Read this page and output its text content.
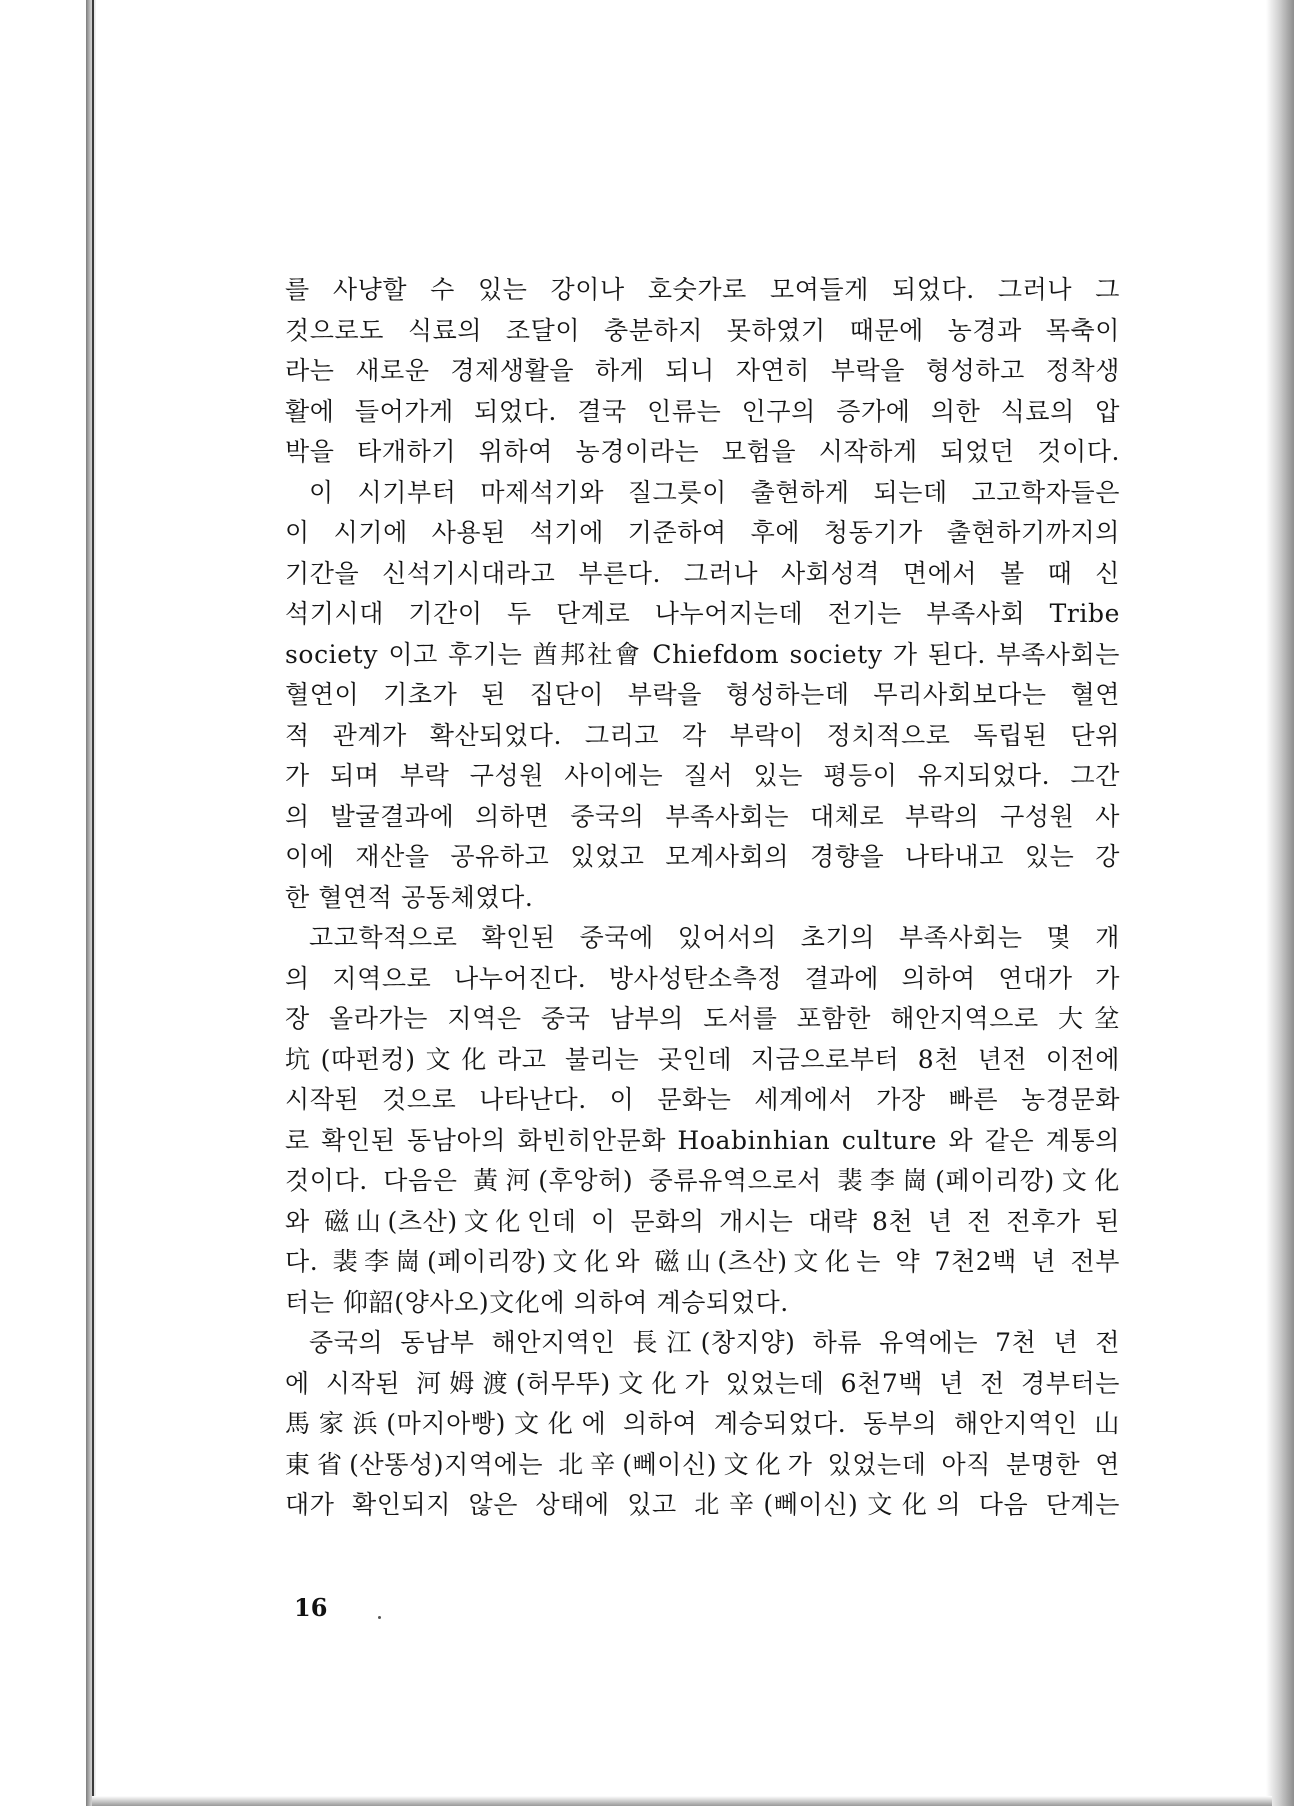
를 사냥할 수 있는 강이나 호숫가로 모여들게 되었다. 그러나 그
것으로도 식료의 조달이 충분하지 못하였기 때문에 농경과 목축이
라는 새로운 경제생활을 하게 되니 자연히 부락을 형성하고 정착생
활에 들어가게 되었다. 결국 인류는 인구의 증가에 의한 식료의 압
박을 타개하기 위하여 농경이라는 모험을 시작하게 되었던 것이다.
이 시기부터 마제석기와 질그릇이 출현하게 되는데 고고학자들은
이 시기에 사용된 석기에 기준하여 후에 청동기가 출현하기까지의
기간을 신석기시대라고 부른다. 그러나 사회성격 면에서 볼 때 신
석기시대 기간이 두 단계로 나누어지는데 전기는 부족사회 Tribe
society 이고 후기는 酋邦社會 Chiefdom society 가 된다. 부족사회는
혈연이 기초가 된 집단이 부락을 형성하는데 무리사회보다는 혈연
적 관계가 확산되었다. 그리고 각 부락이 정치적으로 독립된 단위
가 되며 부락 구성원 사이에는 질서 있는 평등이 유지되었다. 그간
의 발굴결과에 의하면 중국의 부족사회는 대체로 부락의 구성원 사
이에 재산을 공유하고 있었고 모계사회의 경향을 나타내고 있는 강
한 혈연적 공동체였다.
고고학적으로 확인된 중국에 있어서의 초기의 부족사회는 몇 개
의 지역으로 나누어진다. 방사성탄소측정 결과에 의하여 연대가 가
장 올라가는 지역은 중국 남부의 도서를 포함한 해안지역으로 大坌
坑(따펀컹)文化라고 불리는 곳인데 지금으로부터 8천 년전 이전에
시작된 것으로 나타난다. 이 문화는 세계에서 가장 빠른 농경문화
로 확인된 동남아의 화빈히안문화 Hoabinhian culture 와 같은 계통의
것이다. 다음은 黃河(후앙허) 중류유역으로서 裴李崗(페이리깡)文化
와 磁山(츠산)文化인데 이 문화의 개시는 대략 8천 년 전 전후가 된
다. 裴李崗(페이리깡)文化와 磁山(츠산)文化는 약 7천2백 년 전부
터는 仰韶(양사오)文化에 의하여 계승되었다.
중국의 동남부 해안지역인 長江(창지양) 하류 유역에는 7천 년 전
에 시작된 河姆渡(허무뚜)文化가 있었는데 6천7백 년 전 경부터는
馬家浜(마지아빵)文化에 의하여 계승되었다. 동부의 해안지역인 山
東省(산똥성)지역에는 北辛(뻬이신)文化가 있었는데 아직 분명한 연
대가 확인되지 않은 상태에 있고 北辛(뻬이신)文化의 다음 단계는
16
